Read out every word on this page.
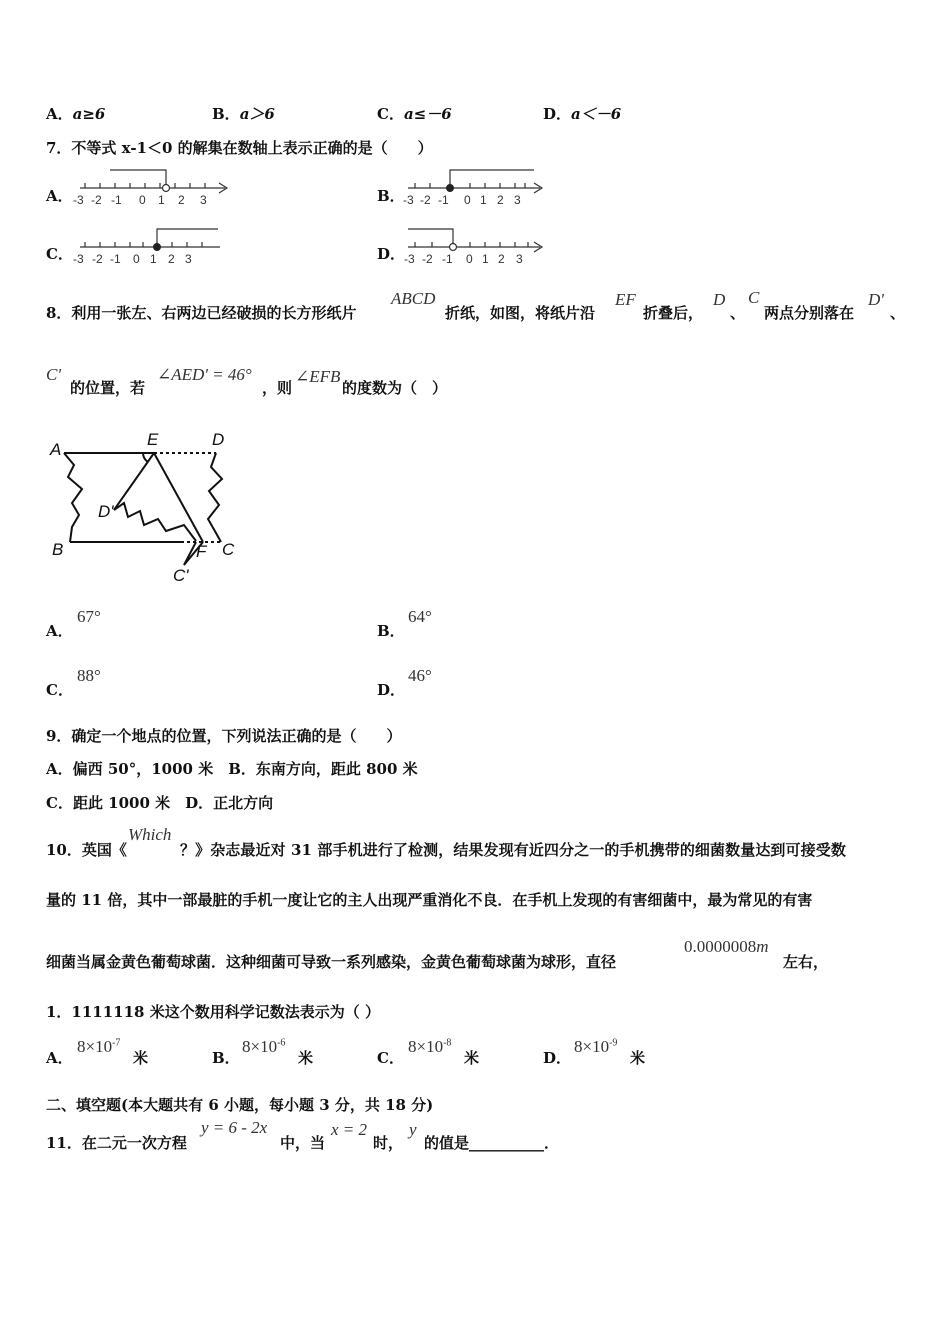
A．a≥6	B．a＞6	C．a≤－6	D．a＜－6
7．不等式 x-1＜0 的解集在数轴上表示正确的是（　　）
A．	B．
C．	D．
-3 -2 -1 0 1 2 3	-3 -2 -1 0 1 2 3
-3 -2 -1 0 1 2 3	-3 -2 -1 0 1 2 3
8．利用一张左、右两边已经破损的长方形纸片
ABCD
折纸，如图，将纸片沿
EF
折叠后，
D
、
C
两点分别落在
D'
、
C'
的位置，若
∠AED' = 46°
，则
∠EFB
的度数为（　）
A
E	D
D'
B	F C
C'
A．
67°
B．
64°
C．
88°
D．
46°
9．确定一个地点的位置，下列说法正确的是（　　）
A．偏西 50°，1000 米　B．东南方向，距此 800 米
C．距此 1000 米　D．正北方向
10．英国《
Which
？》杂志最近对 31 部手机进行了检测，结果发现有近四分之一的手机携带的细菌数量达到可接受数
量的 11 倍，其中一部最脏的手机一度让它的主人出现严重消化不良．在手机上发现的有害细菌中，最为常见的有害
细菌当属金黄色葡萄球菌．这种细菌可导致一系列感染，金黄色葡萄球菌为球形，直径
0.0000008m
左右，
1．1111118 米这个数用科学记数法表示为（ ）
A．
$8\times 10^{-7}$
米	B．
$8\times 10^{-6}$
米	C．
$8\times 10^{-8}$
米	D．
$8\times 10^{-9}$
米
二、填空题(本大题共有 6 小题，每小题 3 分，共 18 分)
11．在二元一次方程
y = 6 - 2x
中，当
x = 2
时，
y
的值是__________．
